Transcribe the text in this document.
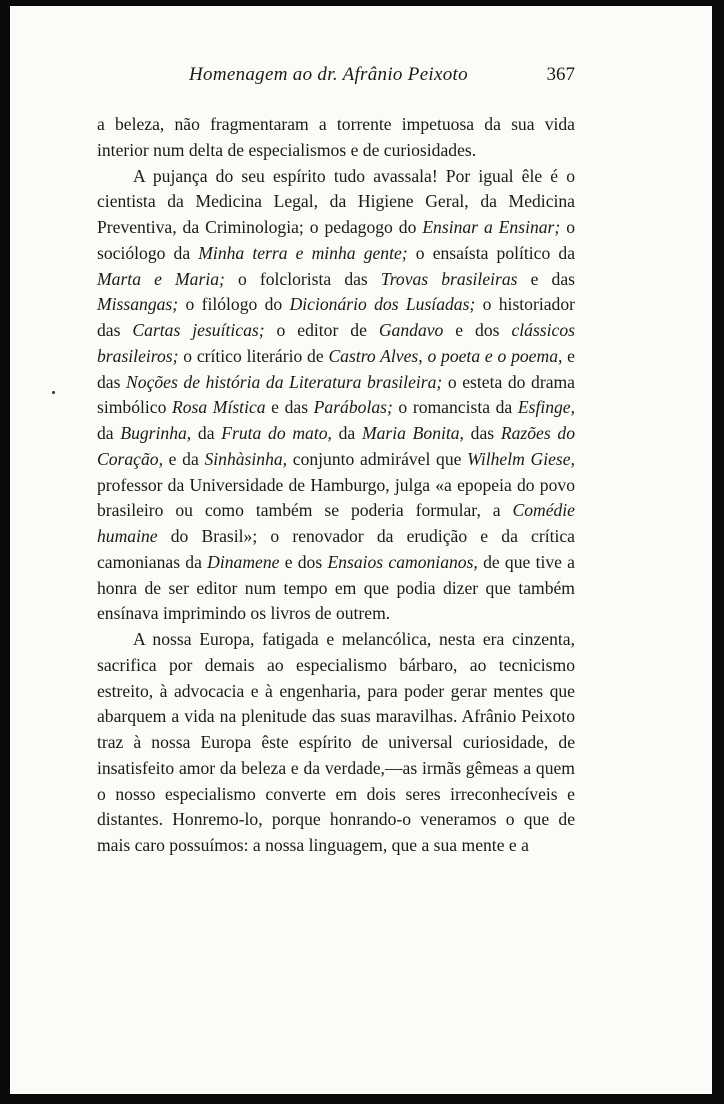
Homenagem ao dr. Afrânio Peixoto	367

a beleza, não fragmentaram a torrente impetuosa da sua vida interior num delta de especialismos e de curiosidades.

A pujança do seu espírito tudo avassala! Por igual êle é o cientista da Medicina Legal, da Higiene Geral, da Medicina Preventiva, da Criminologia; o pedagogo do Ensinar a Ensinar; o sociólogo da Minha terra e minha gente; o ensaísta político da Marta e Maria; o folclorista das Trovas brasileiras e das Missangas; o filólogo do Dicionário dos Lusíadas; o historiador das Cartas jesuíticas; o editor de Gandavo e dos clássicos brasileiros; o crítico literário de Castro Alves, o poeta e o poema, e das Noções de história da Literatura brasileira; o esteta do drama simbólico Rosa Mística e das Parábolas; o romancista da Esfinge, da Bugrinha, da Fruta do mato, da Maria Bonita, das Razões do Coração, e da Sinhàsinha, conjunto admirável que Wilhelm Giese, professor da Universidade de Hamburgo, julga «a epopeia do povo brasileiro ou como também se poderia formular, a Comédie humaine do Brasil»; o renovador da erudição e da crítica camonianas da Dinamene e dos Ensaios camonianos, de que tive a honra de ser editor num tempo em que podia dizer que também ensínava imprimindo os livros de outrem.

A nossa Europa, fatigada e melancólica, nesta era cinzenta, sacrifica por demais ao especialismo bárbaro, ao tecnicismo estreito, à advocacia e à engenharia, para poder gerar mentes que abarquem a vida na plenitude das suas maravilhas. Afrânio Peixoto traz à nossa Europa êste espírito de universal curiosidade, de insatisfeito amor da beleza e da verdade,—as irmãs gêmeas a quem o nosso especialismo converte em dois seres irreconhecíveis e distantes. Honremo-lo, porque honrando-o veneramos o que de mais caro possuímos: a nossa linguagem, que a sua mente e a
